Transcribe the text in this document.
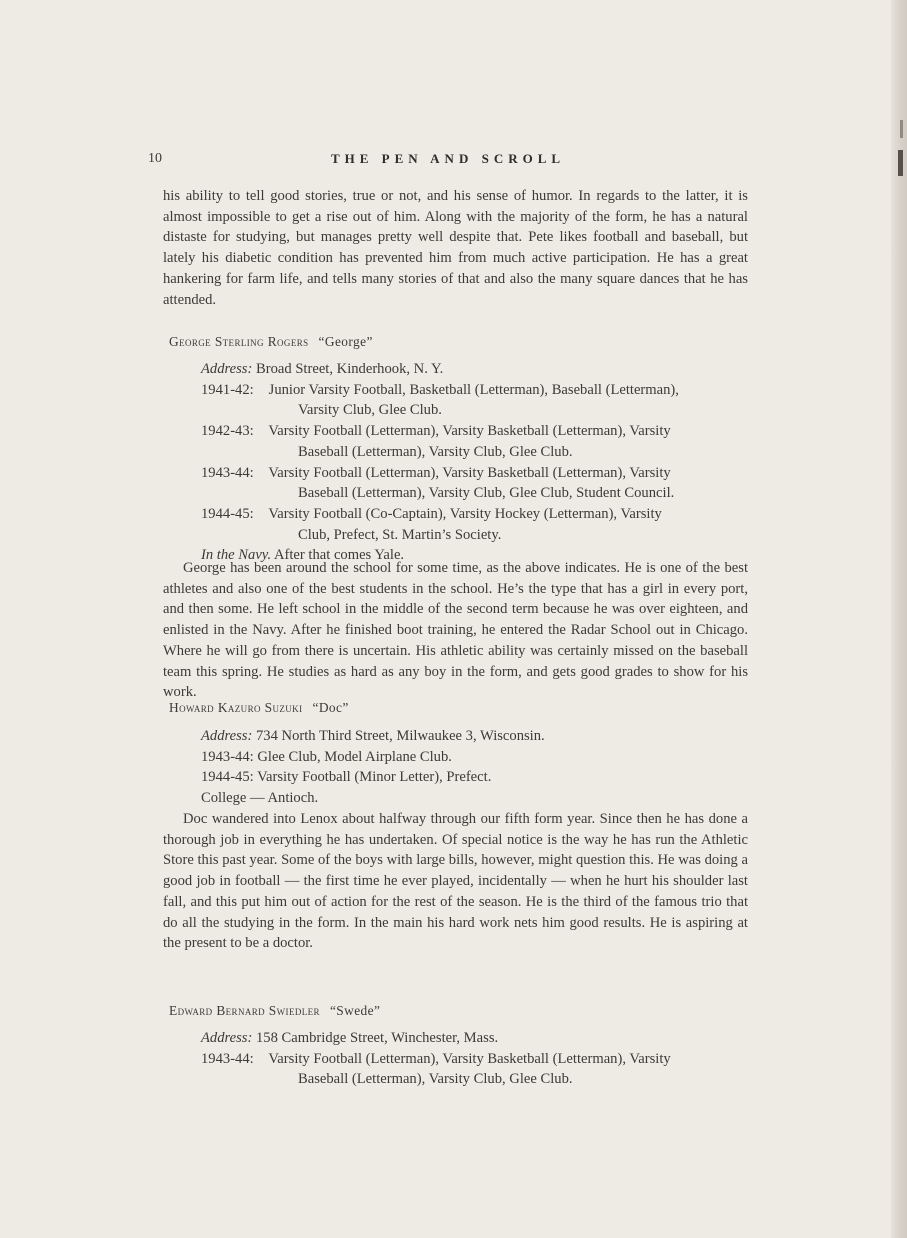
10	THE PEN AND SCROLL

his ability to tell good stories, true or not, and his sense of humor. In regards to the latter, it is almost impossible to get a rise out of him. Along with the majority of the form, he has a natural distaste for studying, but manages pretty well despite that. Pete likes football and baseball, but lately his diabetic condition has prevented him from much active participation. He has a great hankering for farm life, and tells many stories of that and also the many square dances that he has attended.

George Sterling Rogers “George”
Address: Broad Street, Kinderhook, N. Y.
1941-42: Junior Varsity Football, Basketball (Letterman), Baseball (Letterman),
Varsity Club, Glee Club.
1942-43: Varsity Football (Letterman), Varsity Basketball (Letterman), Varsity
Baseball (Letterman), Varsity Club, Glee Club.
1943-44: Varsity Football (Letterman), Varsity Basketball (Letterman), Varsity
Baseball (Letterman), Varsity Club, Glee Club, Student Council.
1944-45: Varsity Football (Co-Captain), Varsity Hockey (Letterman), Varsity
Club, Prefect, St. Martin’s Society.
In the Navy. After that comes Yale.

George has been around the school for some time, as the above indicates. He is one of the best athletes and also one of the best students in the school. He’s the type that has a girl in every port, and then some. He left school in the middle of the second term because he was over eighteen, and enlisted in the Navy. After he finished boot training, he entered the Radar School out in Chicago. Where he will go from there is uncertain. His athletic ability was certainly missed on the baseball team this spring. He studies as hard as any boy in the form, and gets good grades to show for his work.

Howard Kazuro Suzuki “Doc”
Address: 734 North Third Street, Milwaukee 3, Wisconsin.
1943-44: Glee Club, Model Airplane Club.
1944-45: Varsity Football (Minor Letter), Prefect.
College — Antioch.

Doc wandered into Lenox about halfway through our fifth form year. Since then he has done a thorough job in everything he has undertaken. Of special notice is the way he has run the Athletic Store this past year. Some of the boys with large bills, however, might question this. He was doing a good job in football — the first time he ever played, incidentally — when he hurt his shoulder last fall, and this put him out of action for the rest of the season. He is the third of the famous trio that do all the studying in the form. In the main his hard work nets him good results. He is aspiring at the present to be a doctor.

Edward Bernard Swiedler “Swede”
Address: 158 Cambridge Street, Winchester, Mass.
1943-44: Varsity Football (Letterman), Varsity Basketball (Letterman), Varsity
Baseball (Letterman), Varsity Club, Glee Club.
